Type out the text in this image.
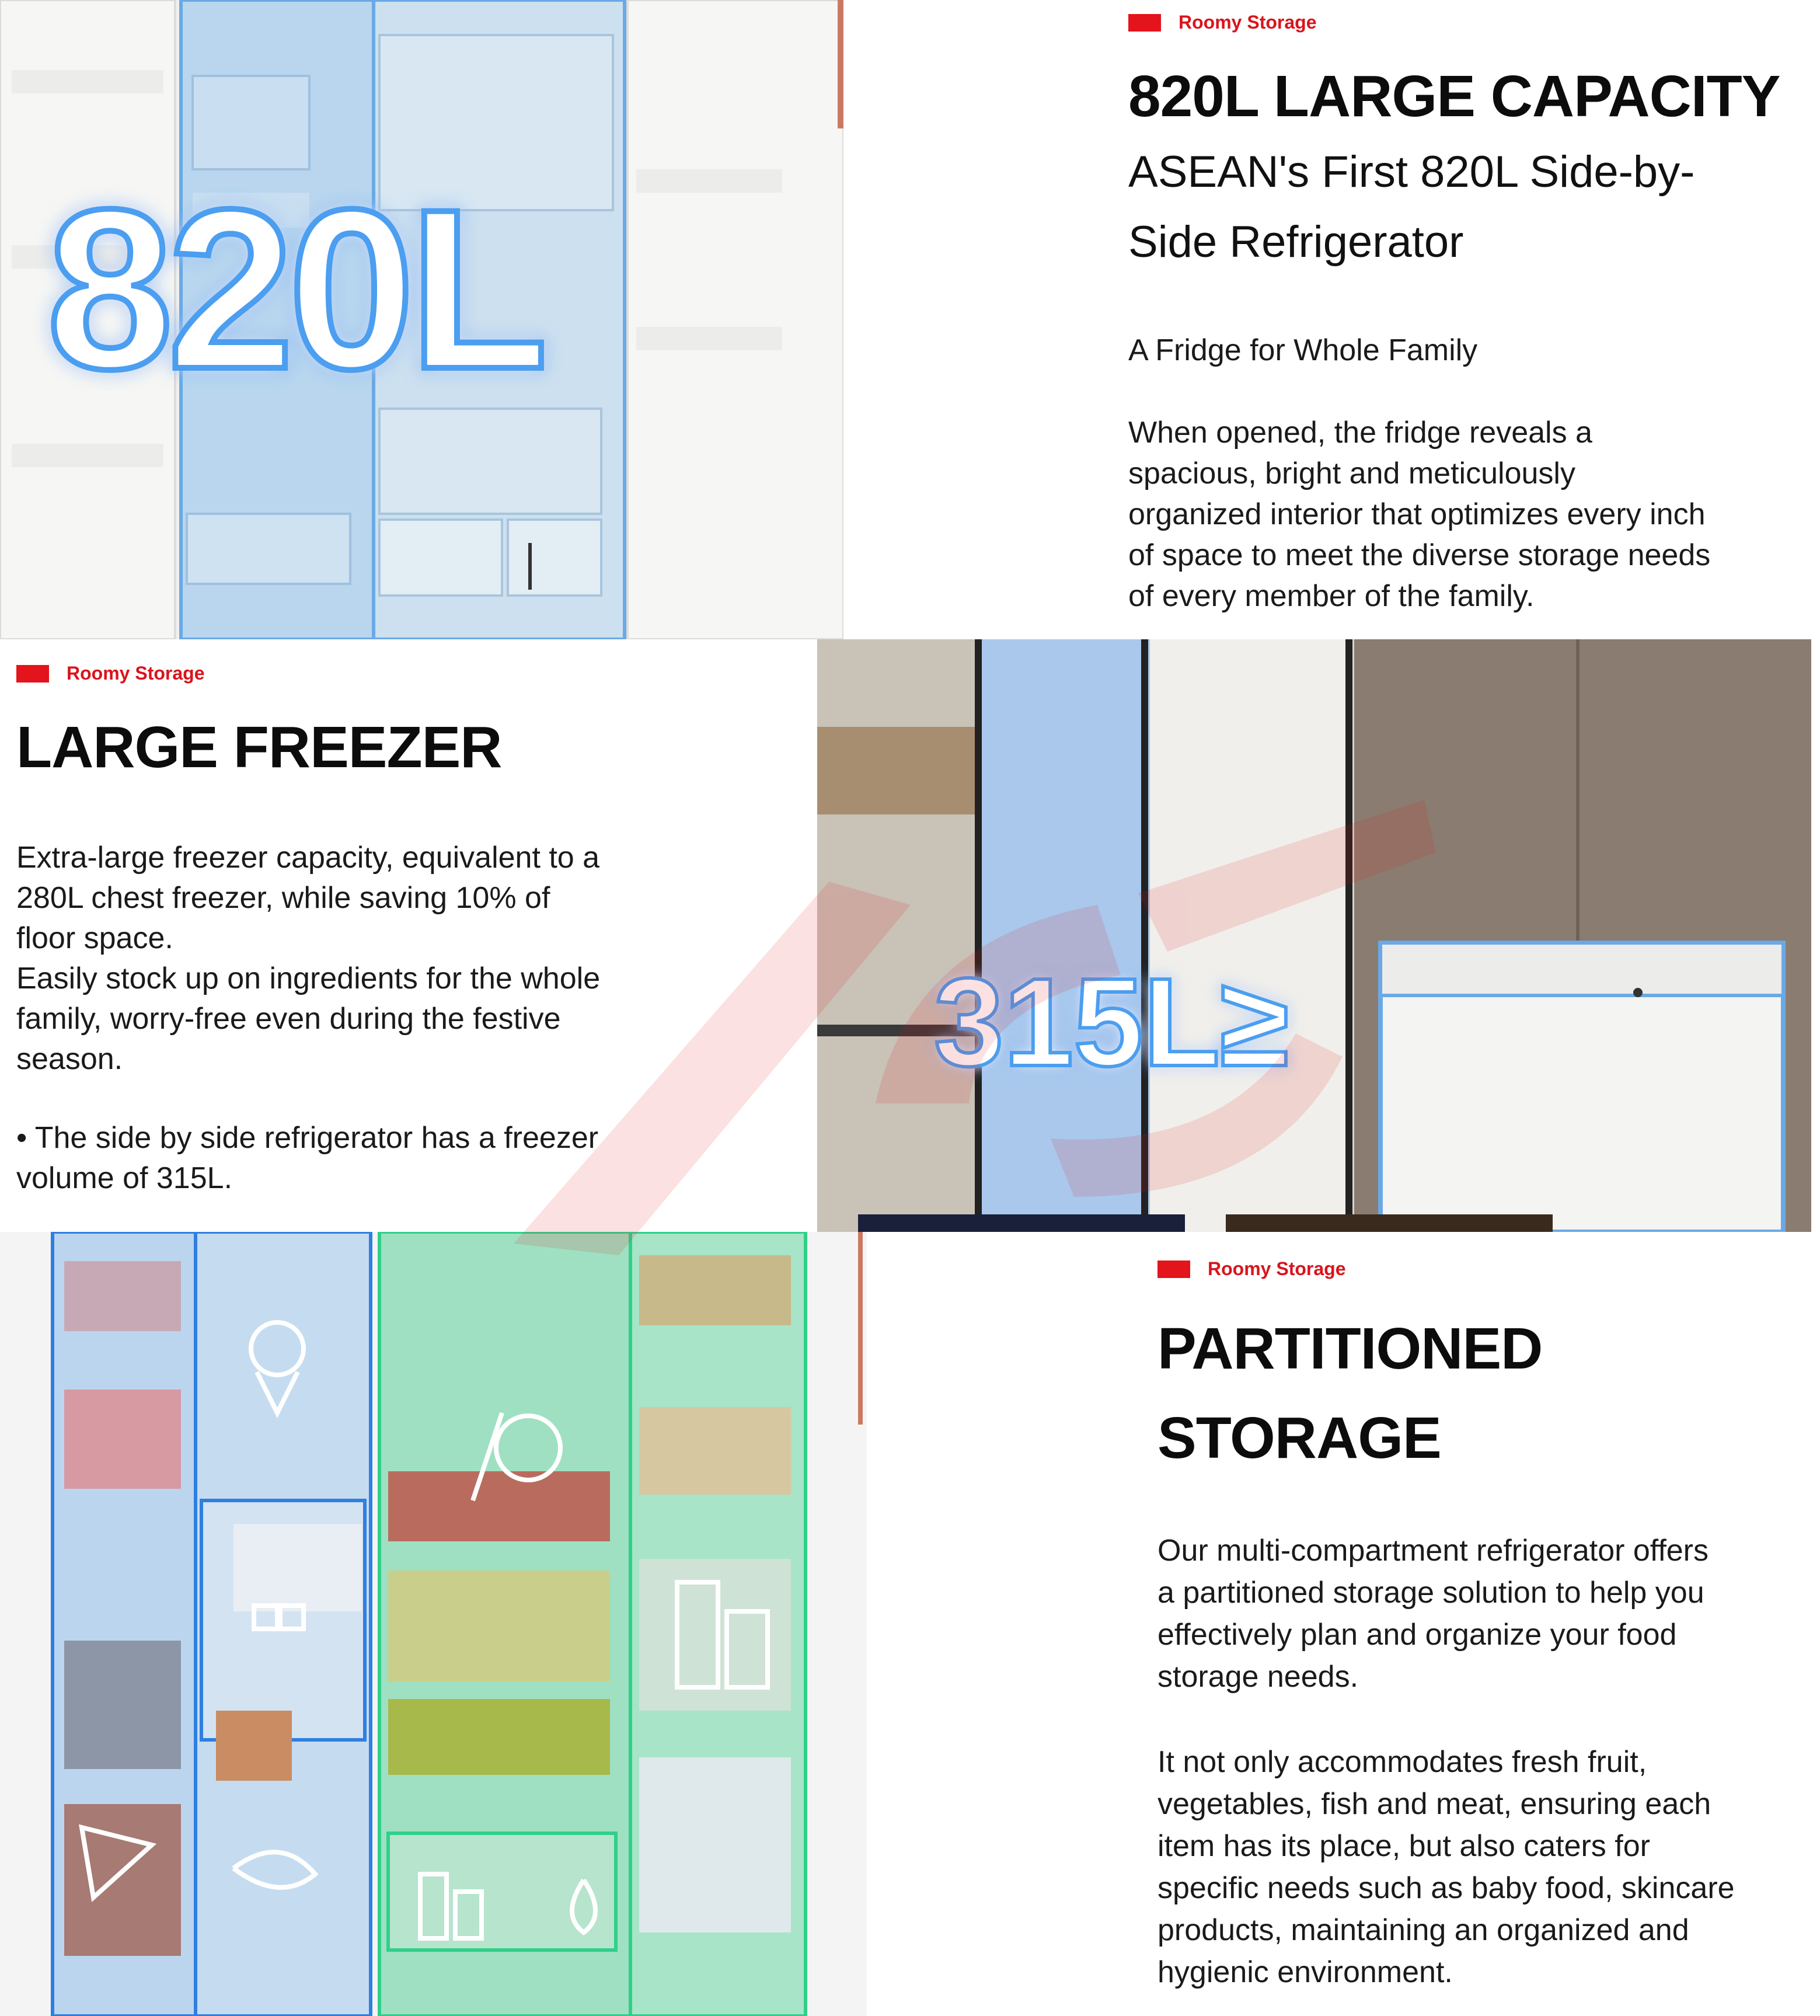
820L
Roomy Storage
820L LARGE CAPACITY
ASEAN's First 820L Side-by-
Side Refrigerator
A Fridge for Whole Family
When opened, the fridge reveals a
spacious, bright and meticulously
organized interior that optimizes every inch
of space to meet the diverse storage needs
of every member of the family.
Roomy Storage
LARGE FREEZER
Extra-large freezer capacity, equivalent to a
280L chest freezer, while saving 10% of
floor space.
Easily stock up on ingredients for the whole
family, worry-free even during the festive
season.
• The side by side refrigerator has a freezer
volume of 315L.
315L≥
Roomy Storage
PARTITIONED
STORAGE
Our multi-compartment refrigerator offers
a partitioned storage solution to help you
effectively plan and organize your food
storage needs.
It not only accommodates fresh fruit,
vegetables, fish and meat, ensuring each
item has its place, but also caters for
specific needs such as baby food, skincare
products, maintaining an organized and
hygienic environment.
